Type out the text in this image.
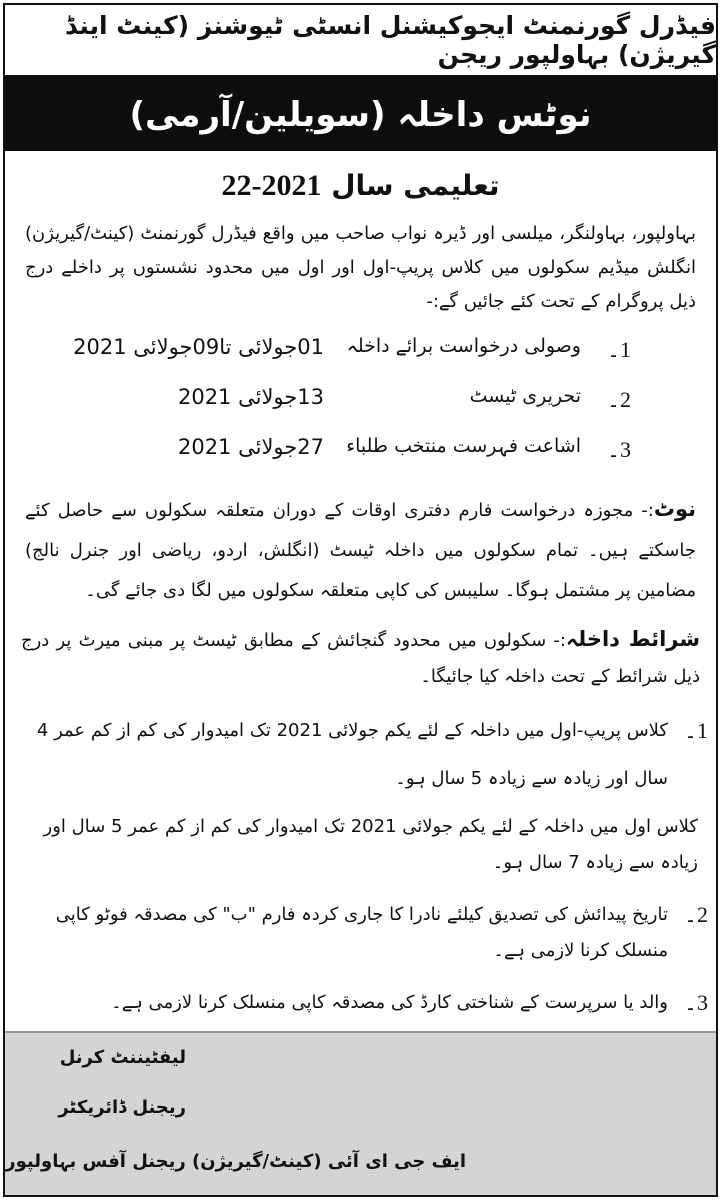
فیڈرل گورنمنٹ ایجوکیشنل انسٹی ٹیوشنز (کینٹ اینڈ گیریژن) بہاولپور ریجن
نوٹس داخلہ (سویلین/آرمی)
تعلیمی سال 2021-22
بہاولپور، بہاولنگر، میلسی اور ڈیرہ نواب صاحب میں واقع فیڈرل گورنمنٹ (کینٹ/گیریژن) انگلش میڈیم سکولوں میں کلاس پریپ-اول اور اول میں محدود نشستوں پر داخلے درج ذیل پروگرام کے تحت کئے جائیں گے:-
1۔
وصولی درخواست برائے داخلہ
01جولائی تا09جولائی 2021
2۔
تحریری ٹیسٹ
13جولائی 2021
3۔
اشاعت فہرست منتخب طلباء
27جولائی 2021
نوٹ:- مجوزہ درخواست فارم دفتری اوقات کے دوران متعلقہ سکولوں سے حاصل کئے جاسکتے ہیں۔ تمام سکولوں میں داخلہ ٹیسٹ (انگلش، اردو، ریاضی اور جنرل نالج) مضامین پر مشتمل ہوگا۔ سلیبس کی کاپی متعلقہ سکولوں میں لگا دی جائے گی۔
شرائط داخلہ:- سکولوں میں محدود گنجائش کے مطابق ٹیسٹ پر مبنی میرٹ پر درج ذیل شرائط کے تحت داخلہ کیا جائیگا۔
1۔
کلاس پریپ-اول میں داخلہ کے لئے یکم جولائی 2021 تک امیدوار کی کم از کم عمر 4 سال اور زیادہ سے زیادہ 5 سال ہو۔
کلاس اول میں داخلہ کے لئے یکم جولائی 2021 تک امیدوار کی کم از کم عمر 5 سال اور زیادہ سے زیادہ 7 سال ہو۔
2۔
تاریخ پیدائش کی تصدیق کیلئے نادرا کا جاری کردہ فارم "ب" کی مصدقہ فوٹو کاپی منسلک کرنا لازمی ہے۔
3۔
والد یا سرپرست کے شناختی کارڈ کی مصدقہ کاپی منسلک کرنا لازمی ہے۔
لیفٹیننٹ کرنل
ریجنل ڈائریکٹر
ایف جی ای آئی (کینٹ/گیریژن) ریجنل آفس بہاولپور
